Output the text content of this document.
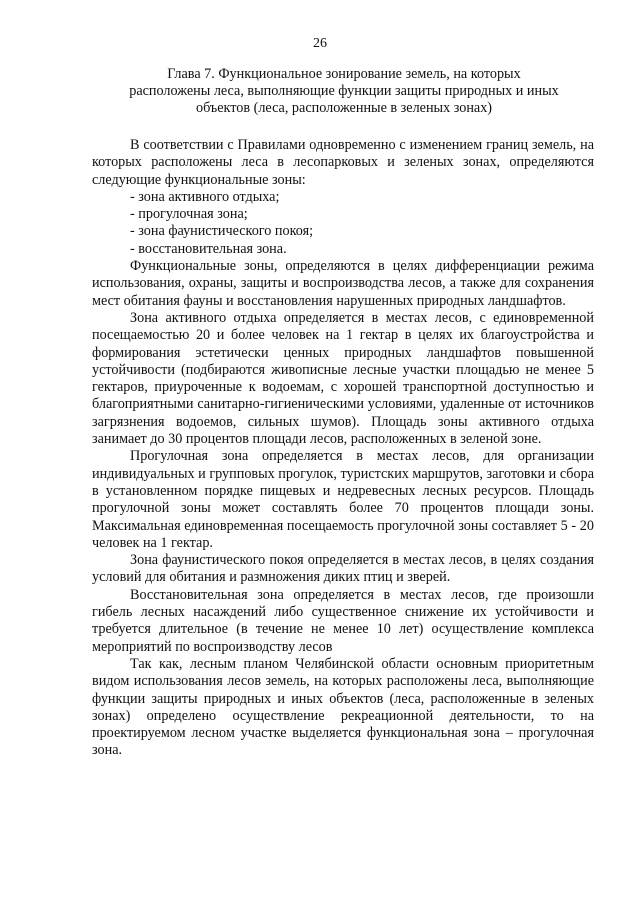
26
Глава 7. Функциональное зонирование земель, на которых
расположены леса, выполняющие функции защиты природных и иных
объектов (леса, расположенные в зеленых зонах)

В соответствии с Правилами одновременно с изменением границ земель, на которых расположены леса в лесопарковых и зеленых зонах, определяются следующие функциональные зоны:

- зона активного отдыха;
- прогулочная зона;
- зона фаунистического покоя;
- восстановительная зона.

Функциональные зоны, определяются в целях дифференциации режима использования, охраны, защиты и воспроизводства лесов, а также для сохранения мест обитания фауны и восстановления нарушенных природных ландшафтов.

Зона активного отдыха определяется в местах лесов, с единовременной посещаемостью 20 и более человек на 1 гектар в целях их благоустройства и формирования эстетически ценных природных ландшафтов повышенной устойчивости (подбираются живописные лесные участки площадью не менее 5 гектаров, приуроченные к водоемам, с хорошей транспортной доступностью и благоприятными санитарно-гигиеническими условиями, удаленные от источников загрязнения водоемов, сильных шумов). Площадь зоны активного отдыха занимает до 30 процентов площади лесов, расположенных в зеленой зоне.

Прогулочная зона определяется в местах лесов, для организации индивидуальных и групповых прогулок, туристских маршрутов, заготовки и сбора в установленном порядке пищевых и недревесных лесных ресурсов. Площадь прогулочной зоны может составлять более 70 процентов площади зоны. Максимальная единовременная посещаемость прогулочной зоны составляет 5 - 20 человек на 1 гектар.

Зона фаунистического покоя определяется в местах лесов, в целях создания условий для обитания и размножения диких птиц и зверей.

Восстановительная зона определяется в местах лесов, где произошли гибель лесных насаждений либо существенное снижение их устойчивости и требуется длительное (в течение не менее 10 лет) осуществление комплекса мероприятий по воспроизводству лесов

Так как, лесным планом Челябинской области основным приоритетным видом использования лесов земель, на которых расположены леса, выполняющие функции защиты природных и иных объектов (леса, расположенные в зеленых зонах) определено осуществление рекреационной деятельности, то на проектируемом лесном участке выделяется функциональная зона – прогулочная зона.
